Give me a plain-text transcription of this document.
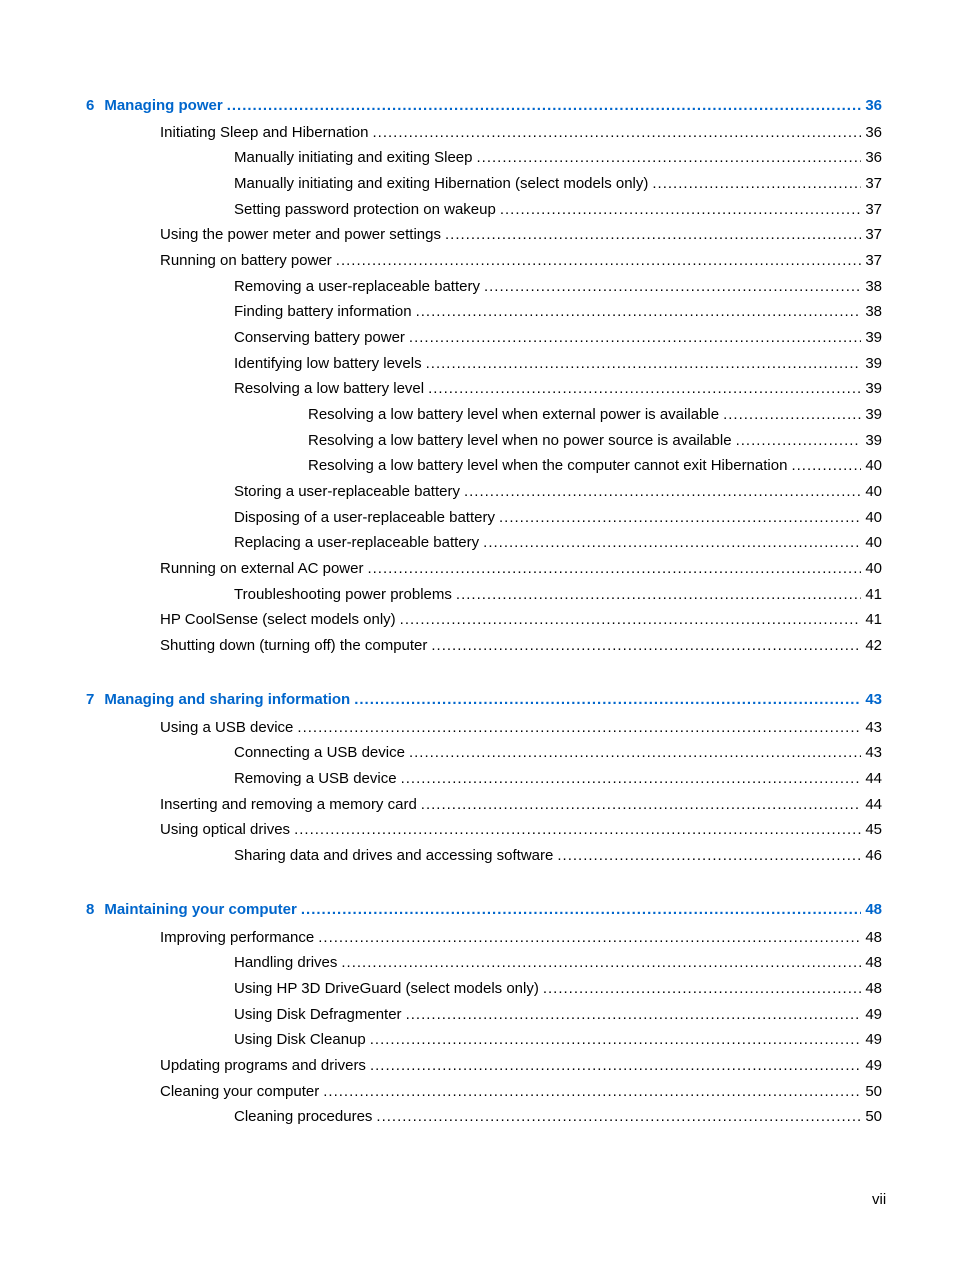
6 Managing power .....	36
Initiating Sleep and Hibernation .....	36
Manually initiating and exiting Sleep .....	36
Manually initiating and exiting Hibernation (select models only) .....	37
Setting password protection on wakeup .....	37
Using the power meter and power settings .....	37
Running on battery power .....	37
Removing a user-replaceable battery .....	38
Finding battery information .....	38
Conserving battery power .....	39
Identifying low battery levels .....	39
Resolving a low battery level .....	39
Resolving a low battery level when external power is available .....	39
Resolving a low battery level when no power source is available .....	39
Resolving a low battery level when the computer cannot exit Hibernation .....	40
Storing a user-replaceable battery .....	40
Disposing of a user-replaceable battery .....	40
Replacing a user-replaceable battery .....	40
Running on external AC power .....	40
Troubleshooting power problems .....	41
HP CoolSense (select models only) .....	41
Shutting down (turning off) the computer .....	42
7 Managing and sharing information .....	43
Using a USB device .....	43
Connecting a USB device .....	43
Removing a USB device .....	44
Inserting and removing a memory card .....	44
Using optical drives .....	45
Sharing data and drives and accessing software .....	46
8 Maintaining your computer .....	48
Improving performance .....	48
Handling drives .....	48
Using HP 3D DriveGuard (select models only) .....	48
Using Disk Defragmenter .....	49
Using Disk Cleanup .....	49
Updating programs and drivers .....	49
Cleaning your computer .....	50
Cleaning procedures .....	50
vii
